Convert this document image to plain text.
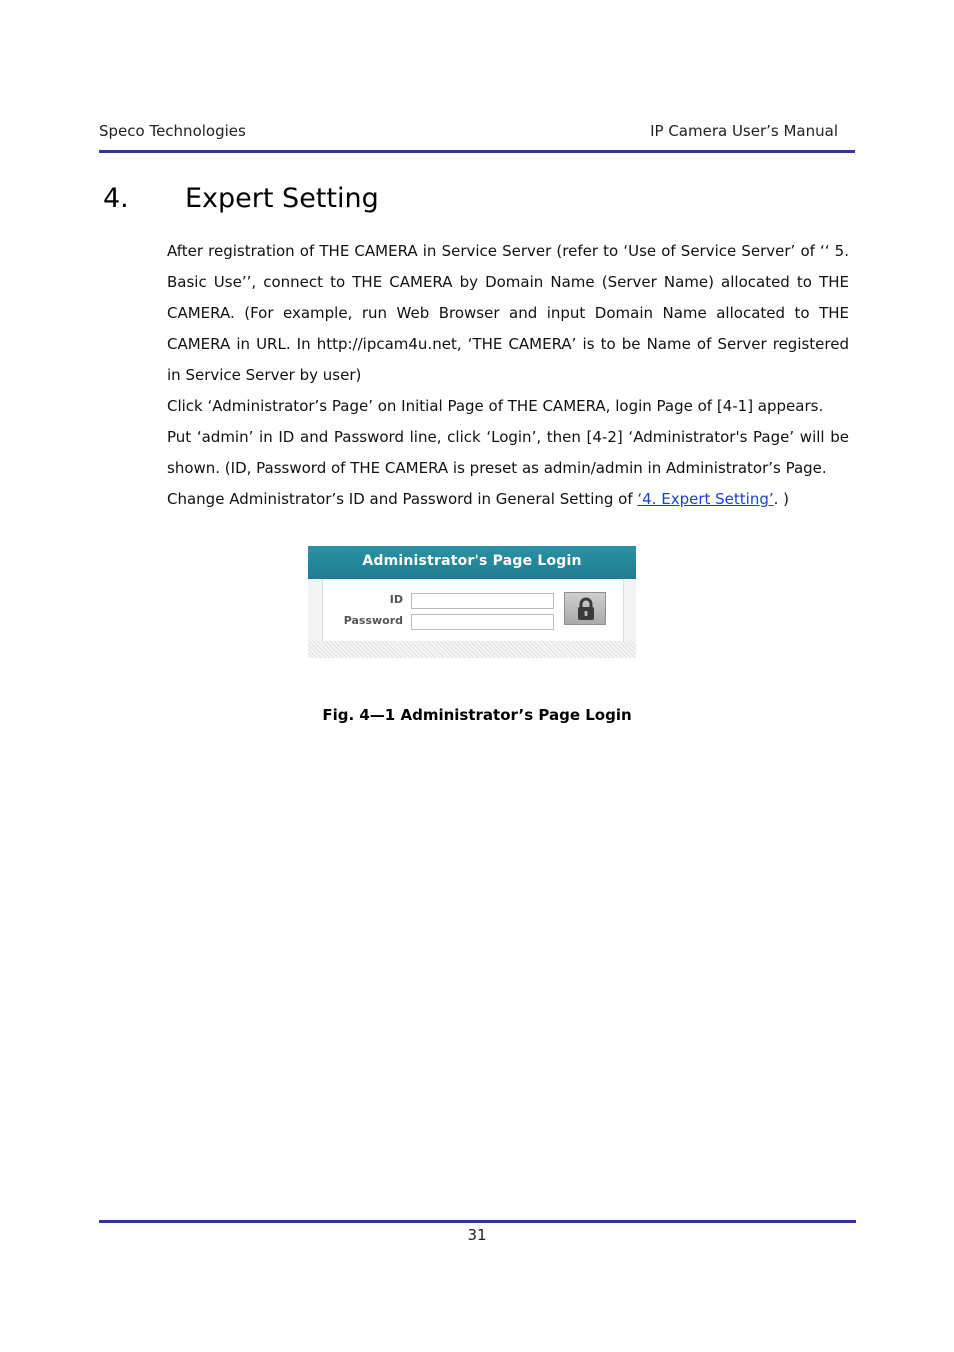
Speco Technologies	IP Camera User’s Manual
4. Expert Setting

After registration of THE CAMERA in Service Server (refer to ‘Use of Service Server’ of ‘‘ 5. Basic Use’’, connect to THE CAMERA by Domain Name (Server Name) allocated to THE CAMERA. (For example, run Web Browser and input Domain Name allocated to THE CAMERA in URL. In http://ipcam4u.net, ‘THE CAMERA’ is to be Name of Server registered in Service Server by user)

Click ‘Administrator’s Page’ on Initial Page of THE CAMERA, login Page of [4-1] appears.

Put ‘admin’ in ID and Password line, click ‘Login’, then [4-2] ‘Administrator's Page’ will be shown. (ID, Password of THE CAMERA is preset as admin/admin in Administrator’s Page.

Change Administrator’s ID and Password in General Setting of ‘4. Expert Setting’. )

Administrator's Page Login
ID
Password
Fig. 4—1 Administrator’s Page Login
31
